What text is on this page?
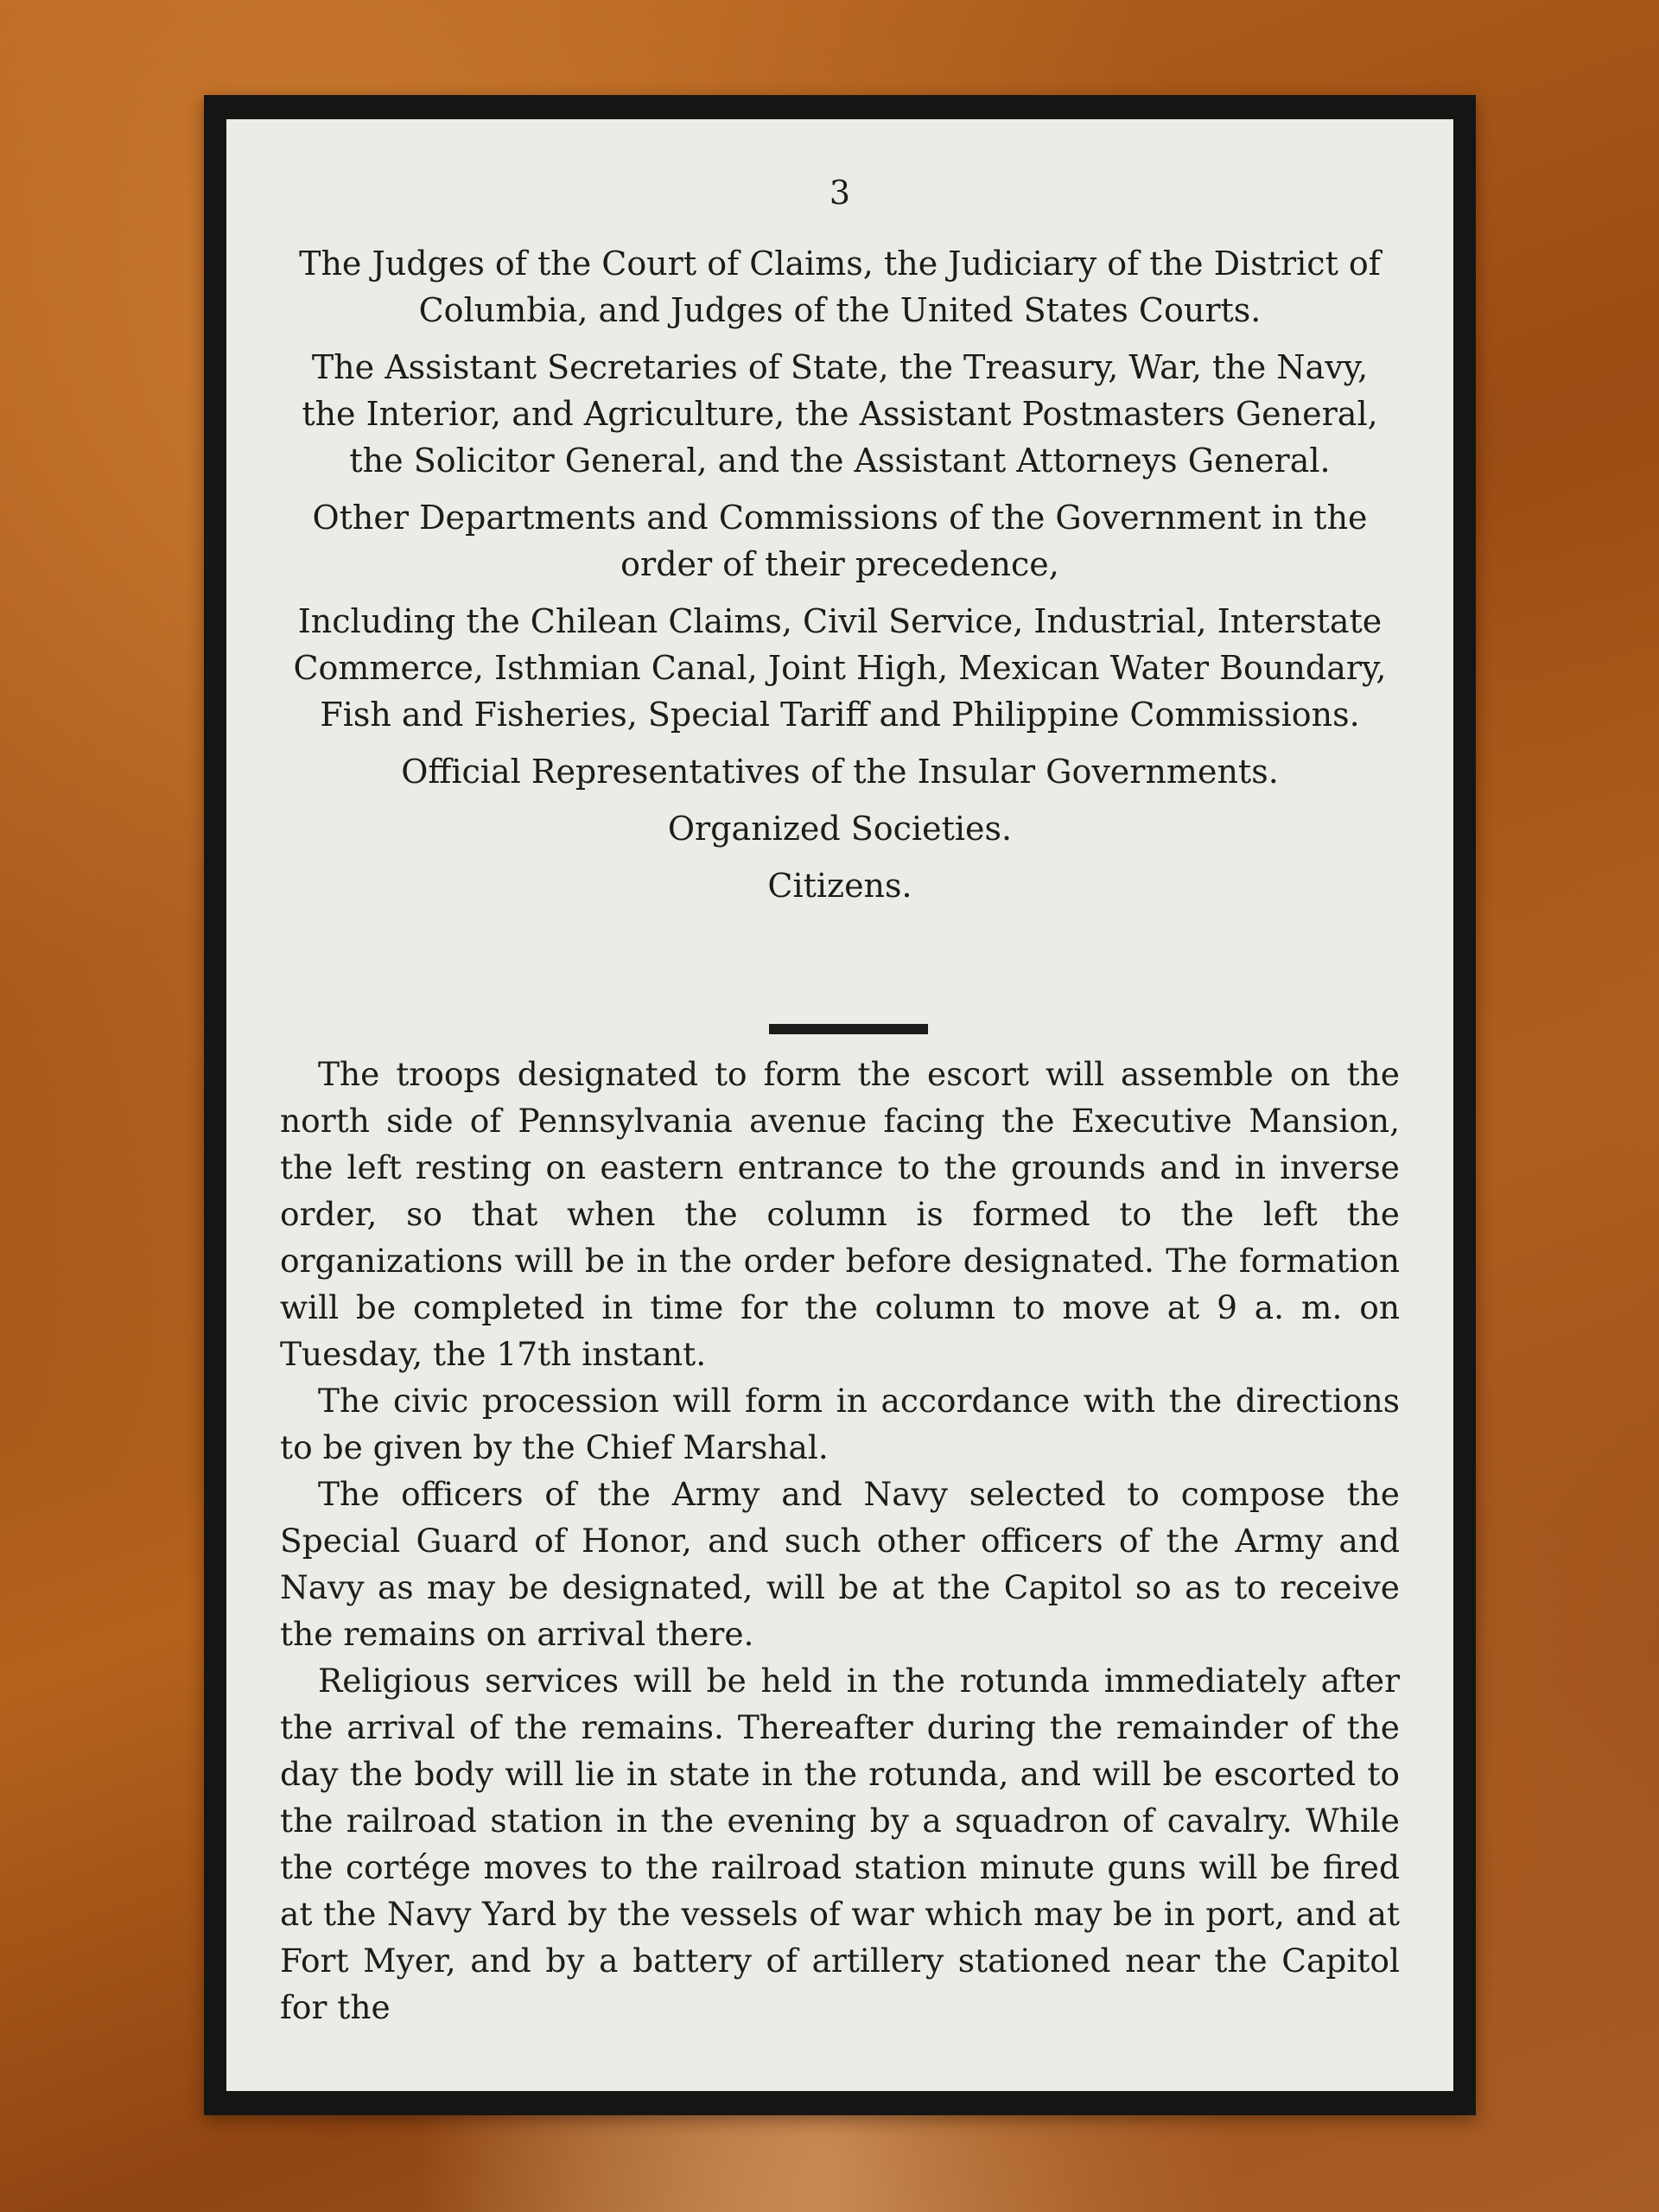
3

The Judges of the Court of Claims, the Judiciary of the District of Columbia, and Judges of the United States Courts.

The Assistant Secretaries of State, the Treasury, War, the Navy, the Interior, and Agriculture, the Assistant Postmasters General, the Solicitor General, and the Assistant Attorneys General.

Other Departments and Commissions of the Government in the order of their precedence,

Including the Chilean Claims, Civil Service, Industrial, Interstate Commerce, Isthmian Canal, Joint High, Mexican Water Boundary, Fish and Fisheries, Special Tariff and Philippine Commissions.

Official Representatives of the Insular Governments.

Organized Societies.

Citizens.

The troops designated to form the escort will assemble on the north side of Pennsylvania avenue facing the Executive Mansion, the left resting on eastern entrance to the grounds and in inverse order, so that when the column is formed to the left the organizations will be in the order before designated. The formation will be completed in time for the column to move at 9 a. m. on Tuesday, the 17th instant.

The civic procession will form in accordance with the directions to be given by the Chief Marshal.

The officers of the Army and Navy selected to compose the Special Guard of Honor, and such other officers of the Army and Navy as may be designated, will be at the Capitol so as to receive the remains on arrival there.

Religious services will be held in the rotunda immediately after the arrival of the remains. Thereafter during the remainder of the day the body will lie in state in the rotunda, and will be escorted to the railroad station in the evening by a squadron of cavalry. While the cortége moves to the railroad station minute guns will be fired at the Navy Yard by the vessels of war which may be in port, and at Fort Myer, and by a battery of artillery stationed near the Capitol for the
